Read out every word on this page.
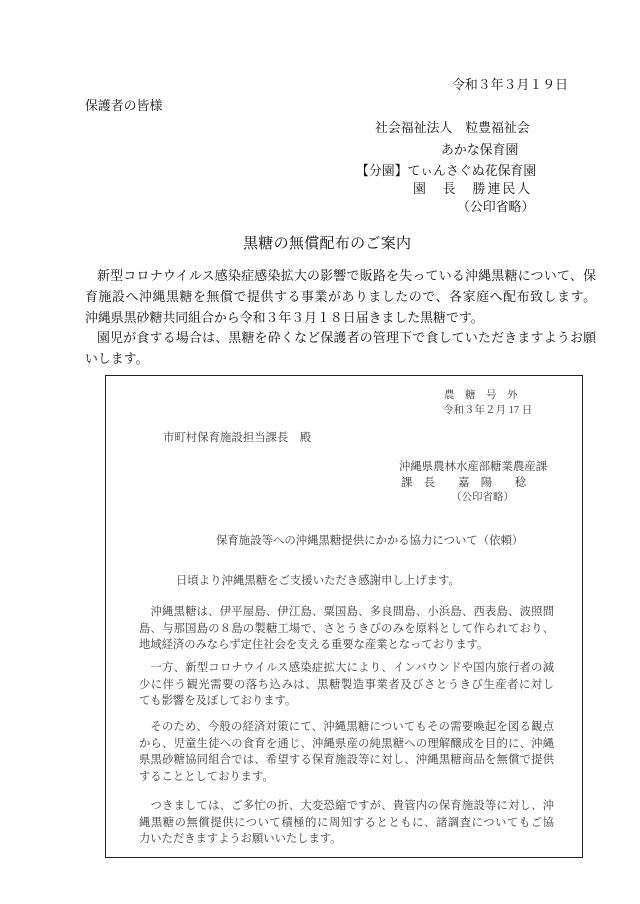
令和３年３月１９日
保護者の皆様
社会福祉法人　粒豊福祉会
あかな保育園
【分園】てぃんさぐぬ花保育園
園　長　勝連民人
（公印省略）
黒糖の無償配布のご案内
新型コロナウイルス感染症感染拡大の影響で販路を失っている沖縄黒糖について、保
育施設へ沖縄黒糖を無償で提供する事業がありましたので、各家庭へ配布致します。
沖縄県黒砂糖共同組合から令和３年３月１８日届きました黒糖です。
園児が食する場合は、黒糖を砕くなど保護者の管理下で食していただきますようお願
いします。
農　糖　号　外
令和３年２月 17 日
市町村保育施設担当課長　殿
沖縄県農林水産部糖業農産課
課　長　　嘉　陽　　稔
（公印省略）
保育施設等への沖縄黒糖提供にかかる協力について（依頼）
日頃より沖縄黒糖をご支援いただき感謝申し上げます。
沖縄黒糖は、伊平屋島、伊江島、粟国島、多良間島、小浜島、西表島、波照間
島、与那国島の８島の製糖工場で、さとうきびのみを原料として作られており、
地域経済のみならず定住社会を支える重要な産業となっております。
一方、新型コロナウイルス感染症拡大により、インバウンドや国内旅行者の減
少に伴う観光需要の落ち込みは、黒糖製造事業者及びさとうきび生産者に対し
ても影響を及ぼしております。
そのため、今般の経済対策にて、沖縄黒糖についてもその需要喚起を図る観点
から、児童生徒への食育を通じ、沖縄県産の純黒糖への理解醸成を目的に、沖縄
県黒砂糖協同組合では、希望する保育施設等に対し、沖縄黒糖商品を無償で提供
することとしております。
つきましては、ご多忙の折、大変恐縮ですが、貴管内の保育施設等に対し、沖
縄黒糖の無償提供について積極的に周知するとともに、諸調査についてもご協
力いただきますようお願いいたします。
